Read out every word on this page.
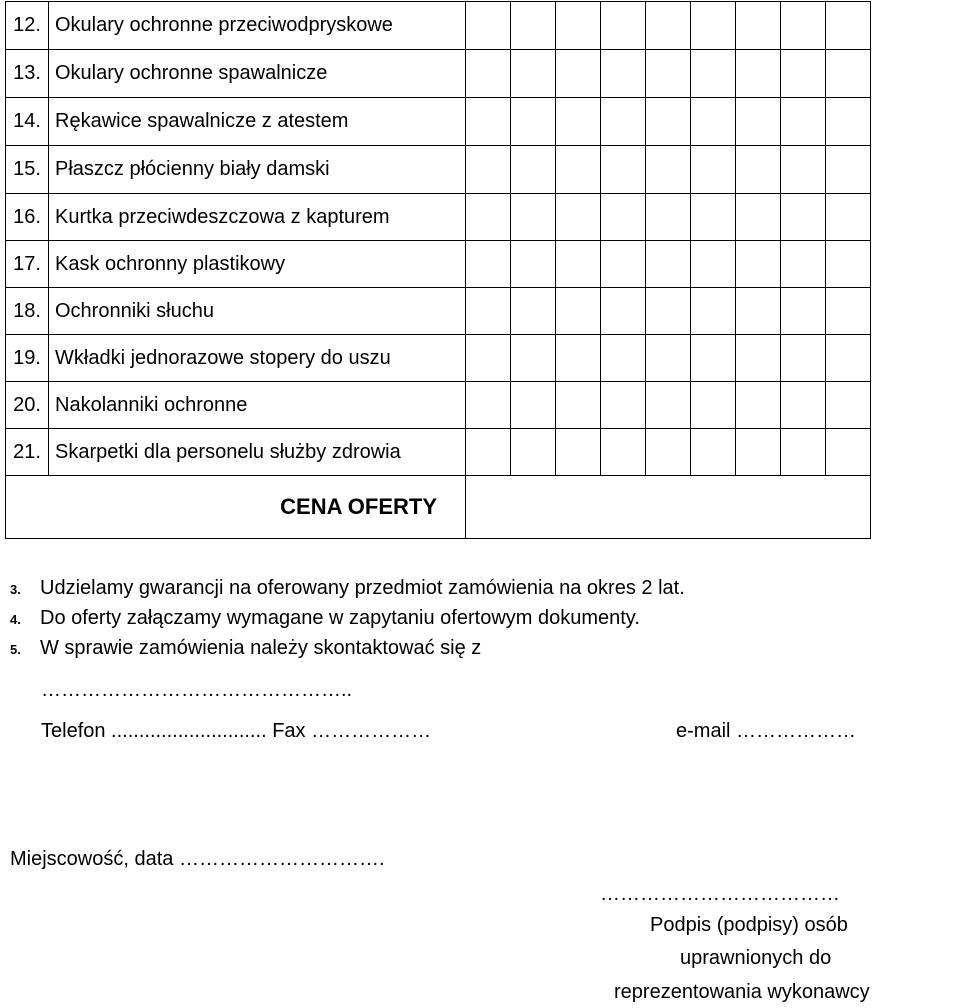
12.	Okulary ochronne przeciwodpryskowe									
13.	Okulary ochronne spawalnicze									
14.	Rękawice spawalnicze z atestem									
15.	Płaszcz płócienny biały damski									
16.	Kurtka przeciwdeszczowa z kapturem									
17.	Kask ochronny plastikowy									
18.	Ochronniki słuchu									
19.	Wkładki jednorazowe stopery do uszu									
20.	Nakolanniki ochronne									
21.	Skarpetki dla personelu służby zdrowia									
CENA OFERTY										
3. Udzielamy gwarancji na oferowany przedmiot zamówienia na okres 2 lat.
4. Do oferty załączamy wymagane w zapytaniu ofertowym dokumenty.
5. W sprawie zamówienia należy skontaktować się z
………………………………………..
Telefon ............................ Fax ………………	e-mail ………………
Miejscowość, data ………………………….
………………………………
Podpis (podpisy) osób
uprawnionych do
reprezentowania wykonawcy
